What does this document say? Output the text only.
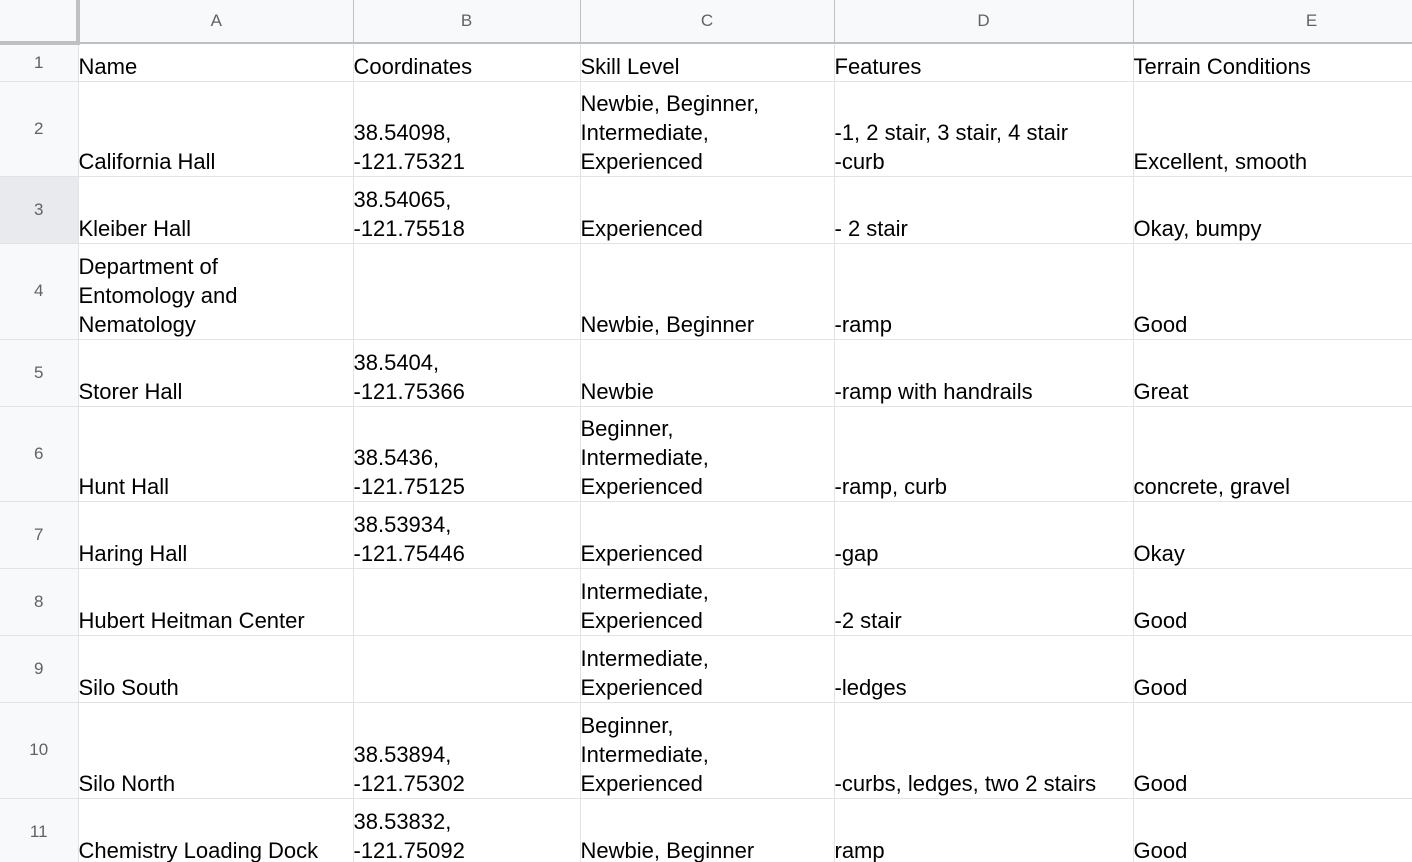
	A	B	C	D	E
1	Name	Coordinates	Skill Level	Features	Terrain Conditions
2	California Hall	38.54098,
-121.75321	Newbie, Beginner,
Intermediate,
Experienced	-1, 2 stair, 3 stair, 4 stair
-curb	Excellent, smooth
3	Kleiber Hall	38.54065,
-121.75518	Experienced	- 2 stair	Okay, bumpy
4	Department of
Entomology and
Nematology		Newbie, Beginner	-ramp	Good
5	Storer Hall	38.5404,
-121.75366	Newbie	-ramp with handrails	Great
6	Hunt Hall	38.5436,
-121.75125	Beginner,
Intermediate,
Experienced	-ramp, curb	concrete, gravel
7	Haring Hall	38.53934,
-121.75446	Experienced	-gap	Okay
8	Hubert Heitman Center		Intermediate,
Experienced	-2 stair	Good
9	Silo South		Intermediate,
Experienced	-ledges	Good
10	Silo North	38.53894,
-121.75302	Beginner,
Intermediate,
Experienced	-curbs, ledges, two 2 stairs	Good
11	Chemistry Loading Dock	38.53832,
-121.75092	Newbie, Beginner	ramp	Good
